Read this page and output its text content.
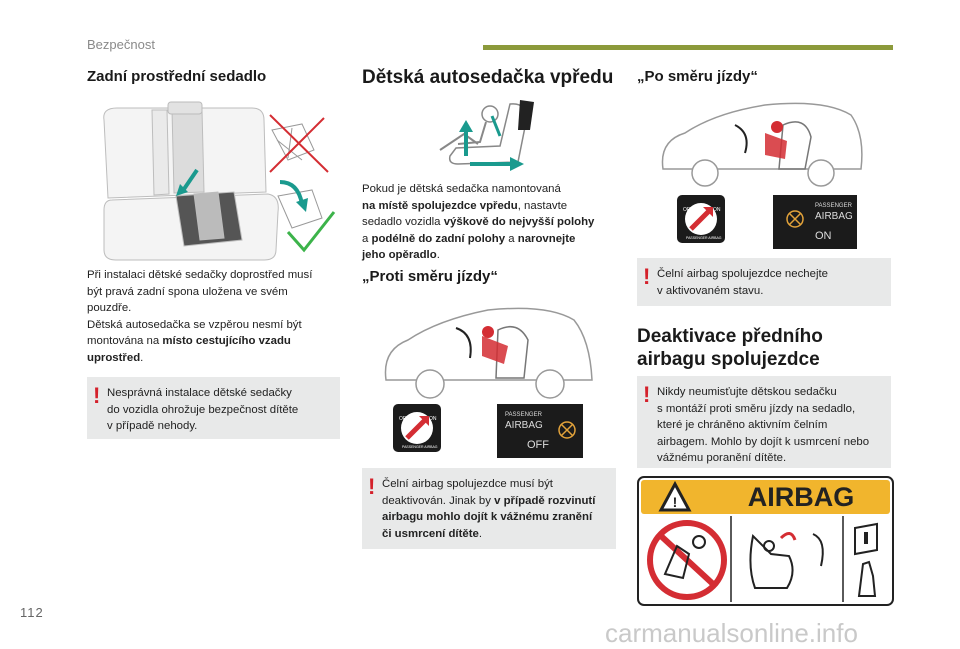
Bezpečnost
Zadní prostřední sedadlo
Při instalaci dětské sedačky doprostřed musí
být pravá zadní spona uložena ve svém
pouzdře.
Dětská autosedačka se vzpěrou nesmí být
montována na místo cestujícího vzadu
uprostřed.
! Nesprávná instalace dětské sedačky
do vozidla ohrožuje bezpečnost dítěte
v případě nehody.
Dětská autosedačka vpředu
Pokud je dětská sedačka namontovaná
na místě spolujezdce vpředu, nastavte
sedadlo vozidla výškově do nejvyšší polohy
a podélně do zadní polohy a narovnejte
jeho opěradlo.
„Proti směru jízdy“
OFF	ON
PASSENGER AIRBAG
PASSENGER
AIRBAG
OFF
! Čelní airbag spolujezdce musí být
deaktivován. Jinak by v případě rozvinutí
airbagu mohlo dojít k vážnému zranění
či usmrcení dítěte.
„Po směru jízdy“
OFF	ON
PASSENGER AIRBAG
PASSENGER
AIRBAG
ON
! Čelní airbag spolujezdce nechejte
v aktivovaném stavu.
Deaktivace předního
airbagu spolujezdce
! Nikdy neumisťujte dětskou sedačku
s montáží proti směru jízdy na sedadlo,
které je chráněno aktivním čelním
airbagem. Mohlo by dojít k usmrcení nebo
vážnému poranění dítěte.
!	AIRBAG
112
carmanualsonline.info
